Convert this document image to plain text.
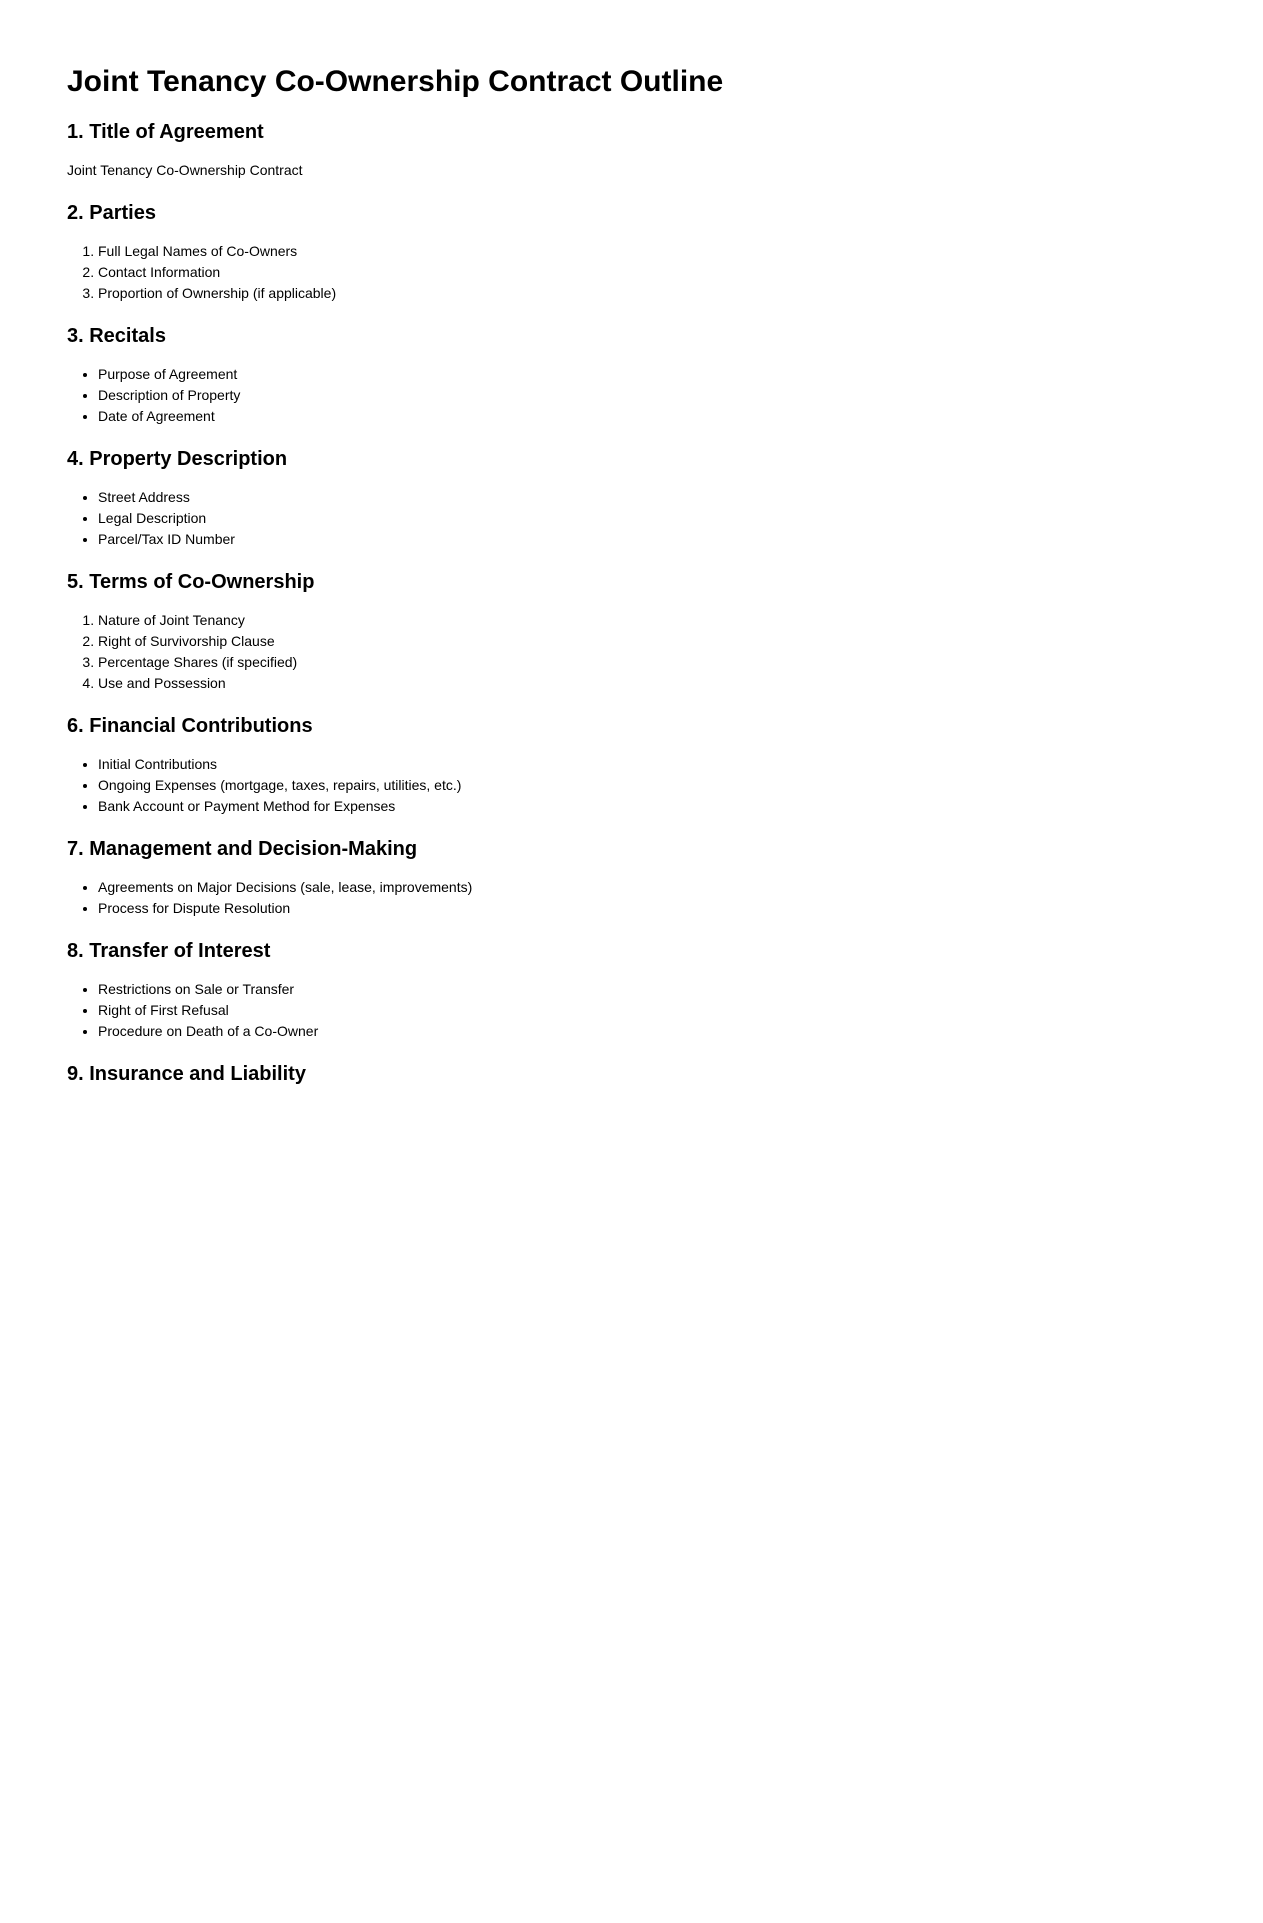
Joint Tenancy Co-Ownership Contract Outline
1. Title of Agreement

Joint Tenancy Co-Ownership Contract

2. Parties
1. Full Legal Names of Co-Owners
2. Contact Information
3. Proportion of Ownership (if applicable)
3. Recitals
• Purpose of Agreement
• Description of Property
• Date of Agreement
4. Property Description
• Street Address
• Legal Description
• Parcel/Tax ID Number
5. Terms of Co-Ownership
1. Nature of Joint Tenancy
2. Right of Survivorship Clause
3. Percentage Shares (if specified)
4. Use and Possession
6. Financial Contributions
• Initial Contributions
• Ongoing Expenses (mortgage, taxes, repairs, utilities, etc.)
• Bank Account or Payment Method for Expenses
7. Management and Decision-Making
• Agreements on Major Decisions (sale, lease, improvements)
• Process for Dispute Resolution
8. Transfer of Interest
• Restrictions on Sale or Transfer
• Right of First Refusal
• Procedure on Death of a Co-Owner
9. Insurance and Liability
